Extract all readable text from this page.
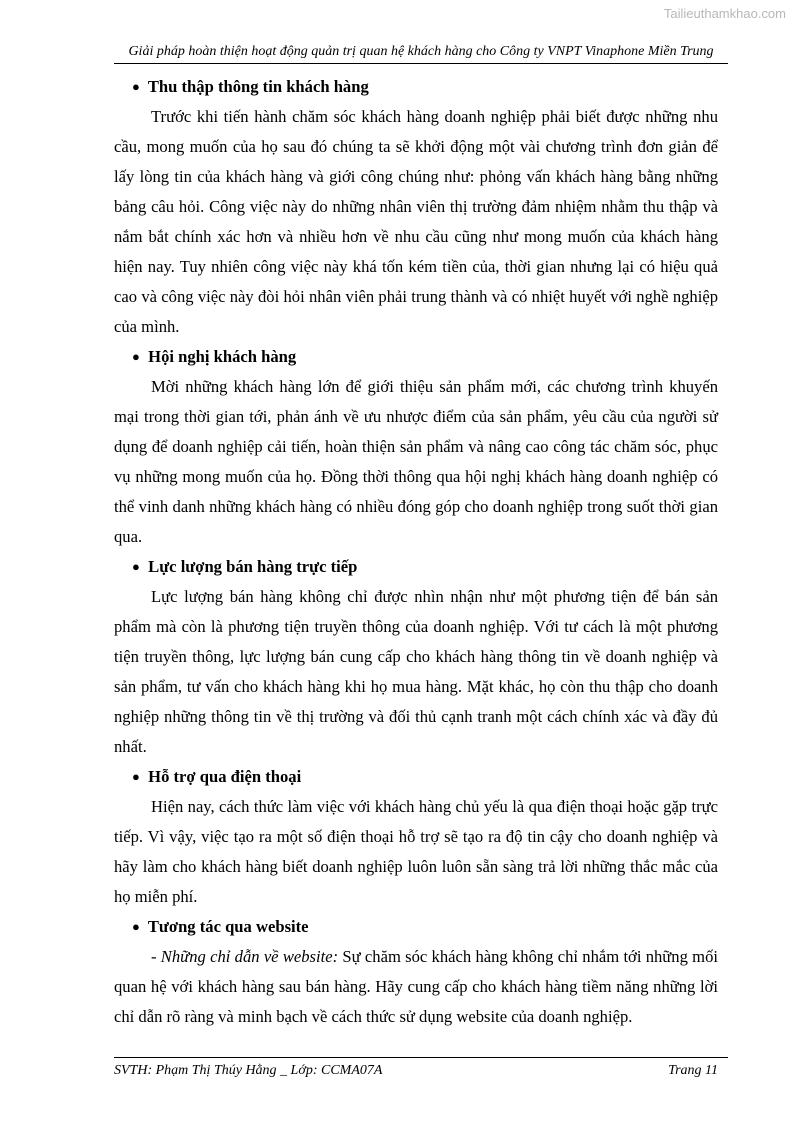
Tailieuthamkhao.com
Giải pháp hoàn thiện hoạt động quản trị quan hệ khách hàng cho Công ty VNPT Vinaphone Miền Trung
● Thu thập thông tin khách hàng

Trước khi tiến hành chăm sóc khách hàng doanh nghiệp phải biết được những nhu cầu, mong muốn của họ sau đó chúng ta sẽ khởi động một vài chương trình đơn giản để lấy lòng tin của khách hàng và giới công chúng như: phỏng vấn khách hàng bằng những bảng câu hỏi. Công việc này do những nhân viên thị trường đảm nhiệm nhằm thu thập và nắm bắt chính xác hơn và nhiều hơn về nhu cầu cũng như mong muốn của khách hàng hiện nay. Tuy nhiên công việc này khá tốn kém tiền của, thời gian nhưng lại có hiệu quả cao và công việc này đòi hỏi nhân viên phải trung thành và có nhiệt huyết với nghề nghiệp của mình.

● Hội nghị khách hàng

Mời những khách hàng lớn để giới thiệu sản phẩm mới, các chương trình khuyến mại trong thời gian tới, phản ánh về ưu nhược điểm của sản phẩm, yêu cầu của người sử dụng để doanh nghiệp cải tiến, hoàn thiện sản phẩm và nâng cao công tác chăm sóc, phục vụ những mong muốn của họ. Đồng thời thông qua hội nghị khách hàng doanh nghiệp có thể vinh danh những khách hàng có nhiều đóng góp cho doanh nghiệp trong suốt thời gian qua.

● Lực lượng bán hàng trực tiếp

Lực lượng bán hàng không chỉ được nhìn nhận như một phương tiện để bán sản phẩm mà còn là phương tiện truyền thông của doanh nghiệp. Với tư cách là một phương tiện truyền thông, lực lượng bán cung cấp cho khách hàng thông tin về doanh nghiệp và sản phẩm, tư vấn cho khách hàng khi họ mua hàng. Mặt khác, họ còn thu thập cho doanh nghiệp những thông tin về thị trường và đối thủ cạnh tranh một cách chính xác và đầy đủ nhất.

● Hỗ trợ qua điện thoại

Hiện nay, cách thức làm việc với khách hàng chủ yếu là qua điện thoại hoặc gặp trực tiếp. Vì vậy, việc tạo ra một số điện thoại hỗ trợ sẽ tạo ra độ tin cậy cho doanh nghiệp và hãy làm cho khách hàng biết doanh nghiệp luôn luôn sẵn sàng trả lời những thắc mắc của họ miễn phí.

● Tương tác qua website

- Những chỉ dẫn về website: Sự chăm sóc khách hàng không chỉ nhắm tới những mối quan hệ với khách hàng sau bán hàng. Hãy cung cấp cho khách hàng tiềm năng những lời chỉ dẫn rõ ràng và minh bạch về cách thức sử dụng website của doanh nghiệp.

SVTH: Phạm Thị Thúy Hằng _ Lớp: CCMA07A	Trang 11
